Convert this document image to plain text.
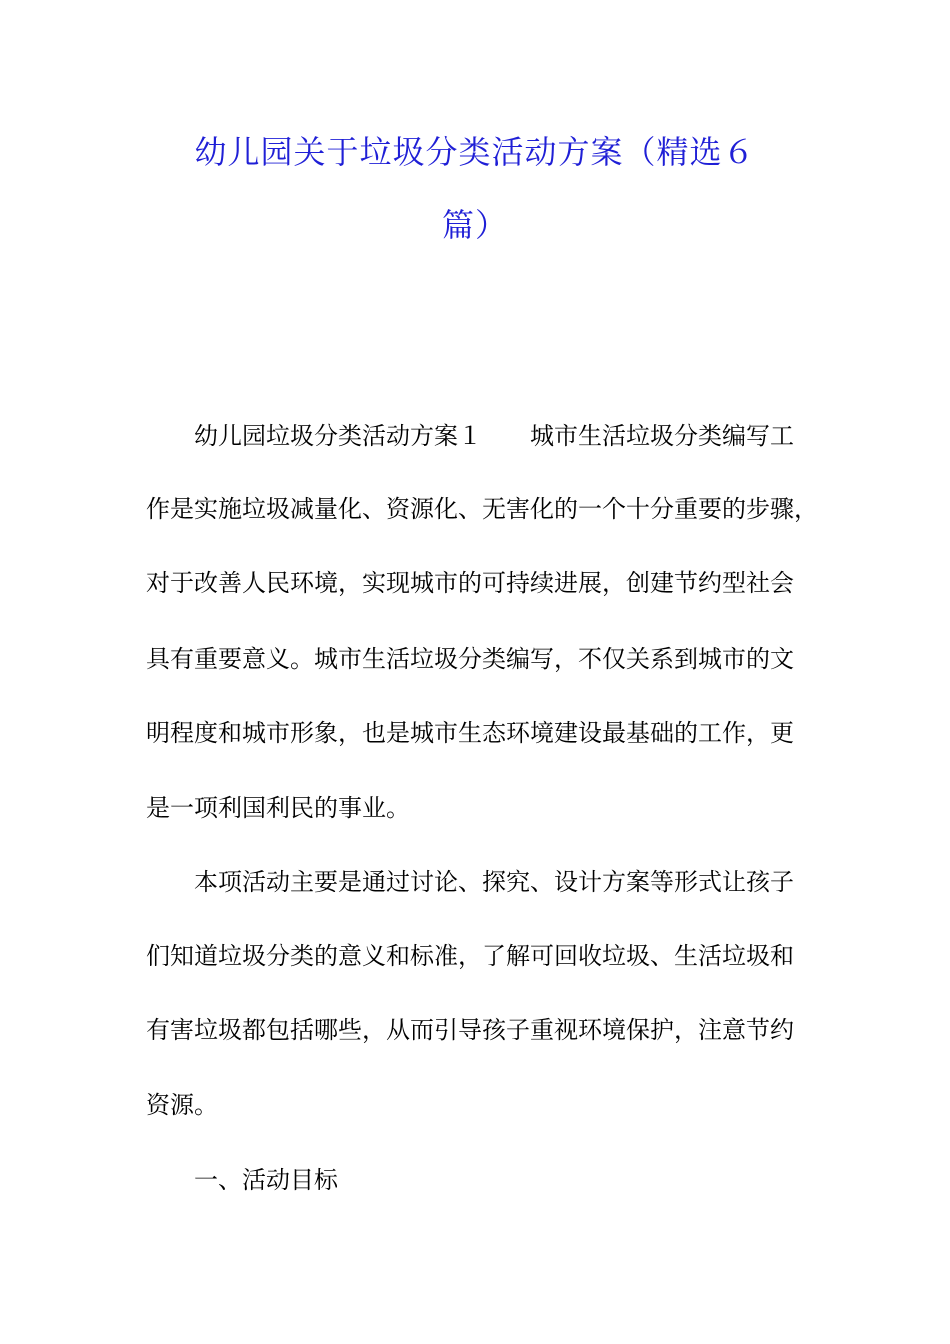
幼儿园关于垃圾分类活动方案（精选６
篇）
幼儿园垃圾分类活动方案１ 城市生活垃圾分类编写工
作是实施垃圾减量化、资源化、无害化的一个十分重要的步骤，
对于改善人民环境，实现城市的可持续进展，创建节约型社会
具有重要意义。城市生活垃圾分类编写，不仅关系到城市的文
明程度和城市形象，也是城市生态环境建设最基础的工作，更
是一项利国利民的事业。
本项活动主要是通过讨论、探究、设计方案等形式让孩子
们知道垃圾分类的意义和标准，了解可回收垃圾、生活垃圾和
有害垃圾都包括哪些，从而引导孩子重视环境保护，注意节约
资源。
一、活动目标
